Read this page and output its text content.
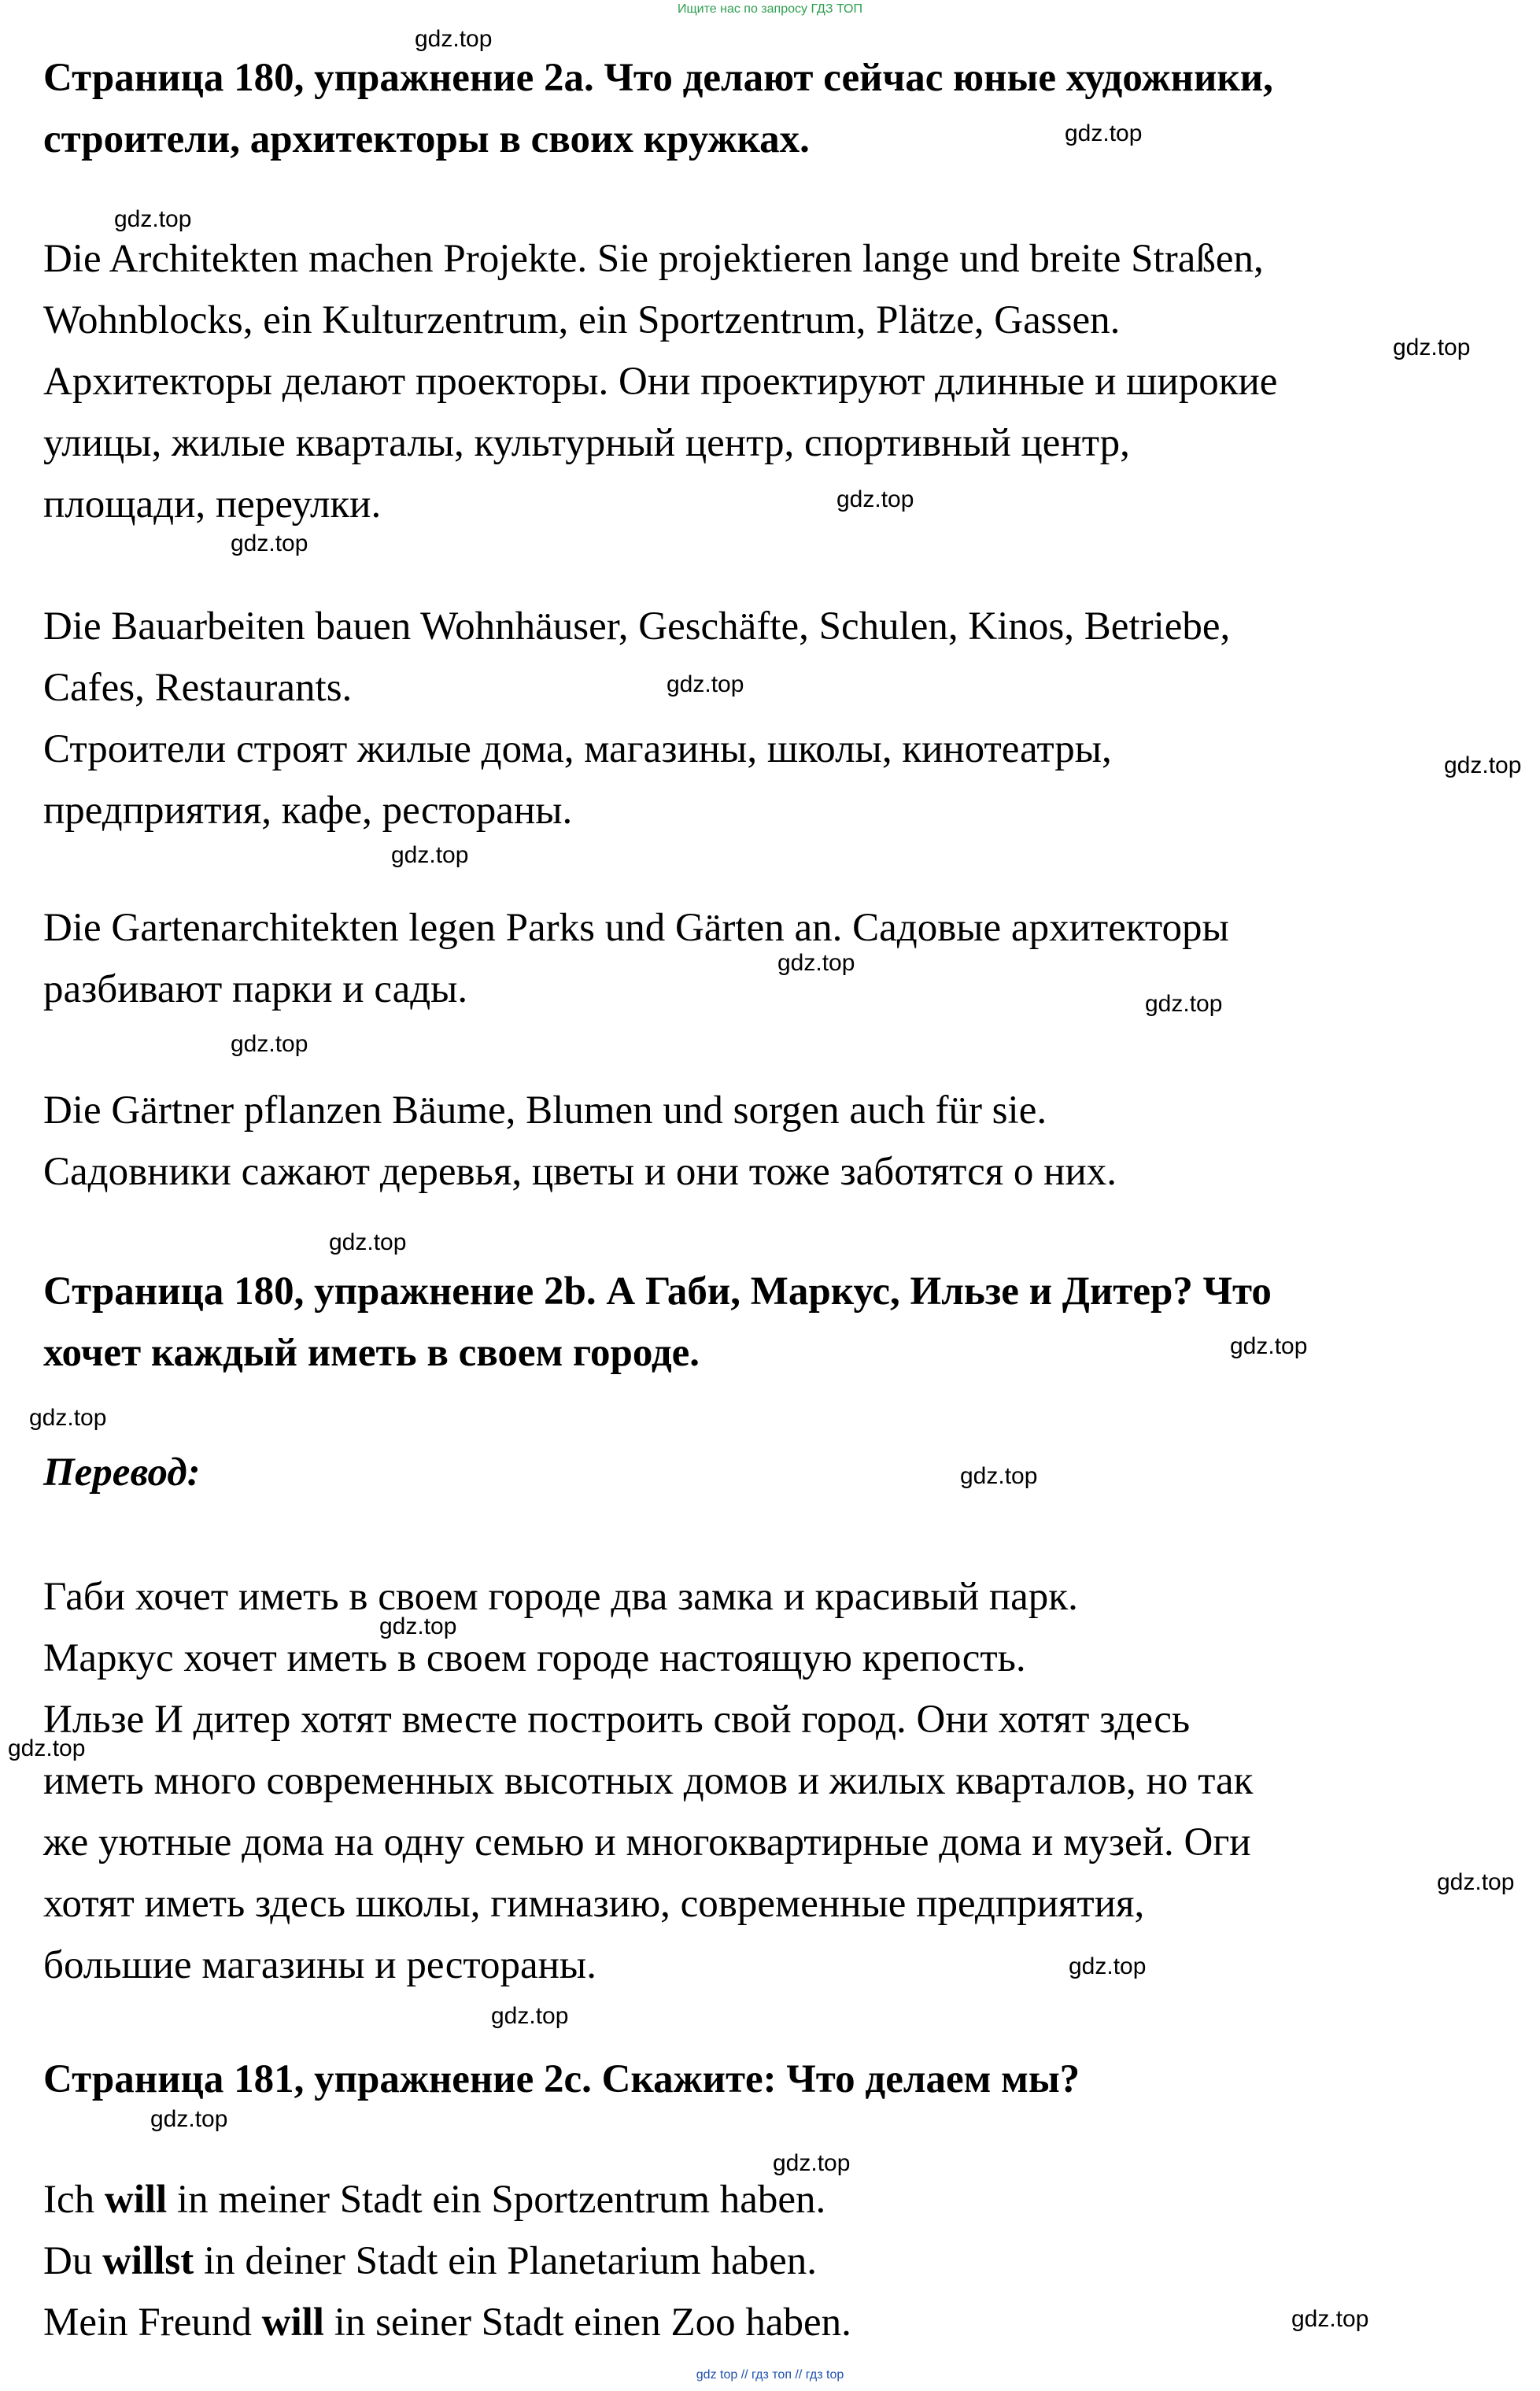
Ищите нас по запросу ГДЗ ТОП
Страница 180, упражнение 2a. Что делают сейчас юные художники,
строители, архитекторы в своих кружках.

Die Architekten machen Projekte. Sie projektieren lange und breite Straßen,
Wohnblocks, ein Kulturzentrum, ein Sportzentrum, Plätze, Gassen.
Архитекторы делают проекторы. Они проектируют длинные и широкие
улицы, жилые кварталы, культурный центр, спортивный центр,
площади, переулки.

Die Bauarbeiten bauen Wohnhäuser, Geschäfte, Schulen, Kinos, Betriebe,
Cafes, Restaurants.
Строители строят жилые дома, магазины, школы, кинотеатры,
предприятия, кафе, рестораны.

Die Gartenarchitekten legen Parks und Gärten an. Садовые архитекторы
разбивают парки и сады.

Die Gärtner pflanzen Bäume, Blumen und sorgen auch für sie.
Садовники сажают деревья, цветы и они тоже заботятся о них.

Страница 180, упражнение 2b. А Габи, Маркус, Ильзе и Дитер? Что
хочет каждый иметь в своем городе.
Перевод:

Габи хочет иметь в своем городе два замка и красивый парк.
Маркус хочет иметь в своем городе настоящую крепость.
Ильзе И дитер хотят вместе построить свой город. Они хотят здесь
иметь много современных высотных домов и жилых кварталов, но так
же уютные дома на одну семью и многоквартирные дома и музей. Оги
хотят иметь здесь школы, гимназию, современные предприятия,
большие магазины и рестораны.

Страница 181, упражнение 2c. Скажите: Что делаем мы?

Ich will in meiner Stadt ein Sportzentrum haben.
Du willst in deiner Stadt ein Planetarium haben.
Mein Freund will in seiner Stadt einen Zoo haben.

gdz.top
gdz.top
gdz.top
gdz.top
gdz.top
gdz.top
gdz.top
gdz.top
gdz.top
gdz.top
gdz.top
gdz.top
gdz.top
gdz.top
gdz.top
gdz.top
gdz.top
gdz.top
gdz.top
gdz.top
gdz.top
gdz.top
gdz.top
gdz.top
gdz top // гдз топ // гдз top
